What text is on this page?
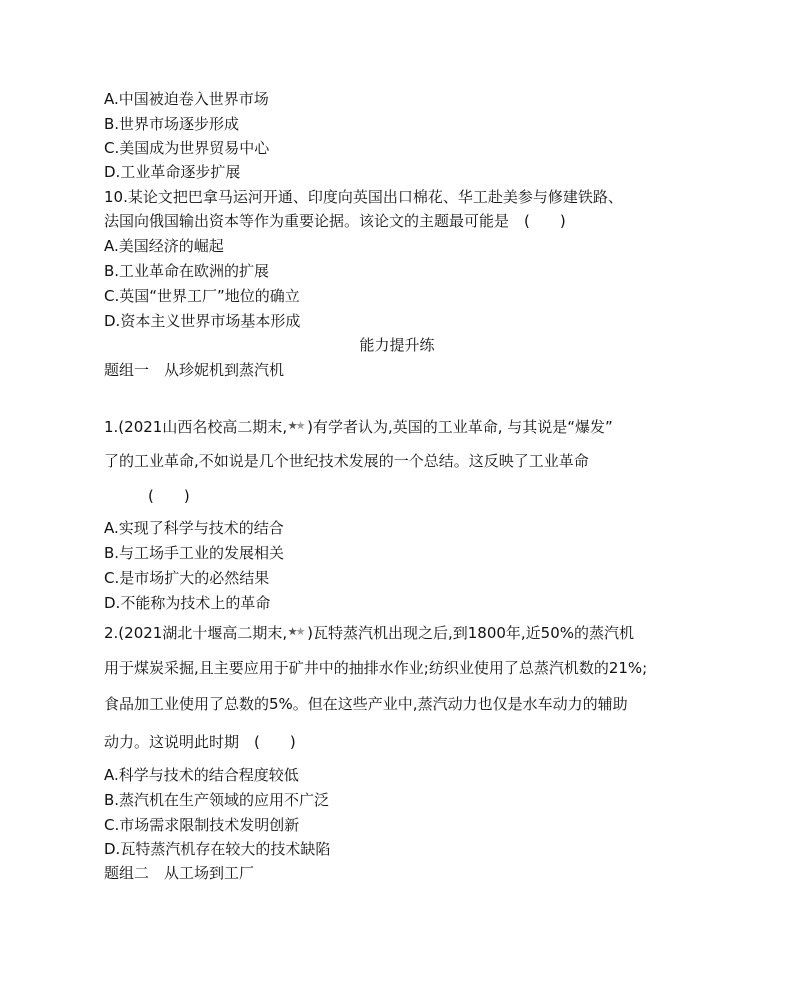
A.中国被迫卷入世界市场
B.世界市场逐步形成
C.美国成为世界贸易中心
D.工业革命逐步扩展
10.某论文把巴拿马运河开通、印度向英国出口棉花、华工赴美参与修建铁路、
法国向俄国输出资本等作为重要论据。该论文的主题最可能是　(　　)
A.美国经济的崛起
B.工业革命在欧洲的扩展
C.英国“世界工厂”地位的确立
D.资本主义世界市场基本形成
能力提升练
题组一　从珍妮机到蒸汽机
1.(2021山西名校高二期末, )有学者认为,英国的工业革命, 与其说是“爆发”
了的工业革命,不如说是几个世纪技术发展的一个总结。这反映了工业革命
(　　)
A.实现了科学与技术的结合
B.与工场手工业的发展相关
C.是市场扩大的必然结果
D.不能称为技术上的革命
2.(2021湖北十堰高二期末, )瓦特蒸汽机出现之后,到1800年,近50%的蒸汽机
用于煤炭采掘,且主要应用于矿井中的抽排水作业;纺织业使用了总蒸汽机数的21%;
食品加工业使用了总数的5%。但在这些产业中,蒸汽动力也仅是水车动力的辅助
动力。这说明此时期　(　　)
A.科学与技术的结合程度较低
B.蒸汽机在生产领域的应用不广泛
C.市场需求限制技术发明创新
D.瓦特蒸汽机存在较大的技术缺陷
题组二　从工场到工厂
